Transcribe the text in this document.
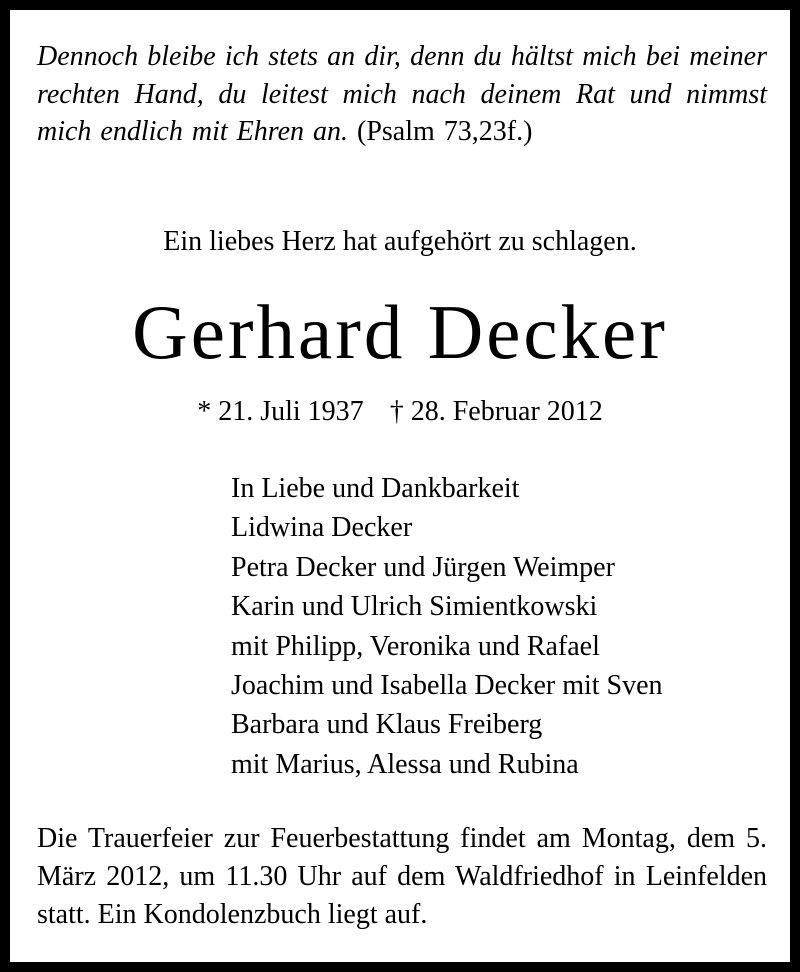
Dennoch bleibe ich stets an dir, denn du hältst mich bei meiner rechten Hand, du leitest mich nach deinem Rat und nimmst mich endlich mit Ehren an. (Psalm 73,23f.)
Ein liebes Herz hat aufgehört zu schlagen.
Gerhard Decker
* 21. Juli 1937 † 28. Februar 2012
In Liebe und Dankbarkeit
Lidwina Decker
Petra Decker und Jürgen Weimper
Karin und Ulrich Simientkowski
mit Philipp, Veronika und Rafael
Joachim und Isabella Decker mit Sven
Barbara und Klaus Freiberg
mit Marius, Alessa und Rubina
Die Trauerfeier zur Feuerbestattung findet am Montag, dem 5. März 2012, um 11.30 Uhr auf dem Waldfriedhof in Leinfelden statt. Ein Kondolenzbuch liegt auf.
